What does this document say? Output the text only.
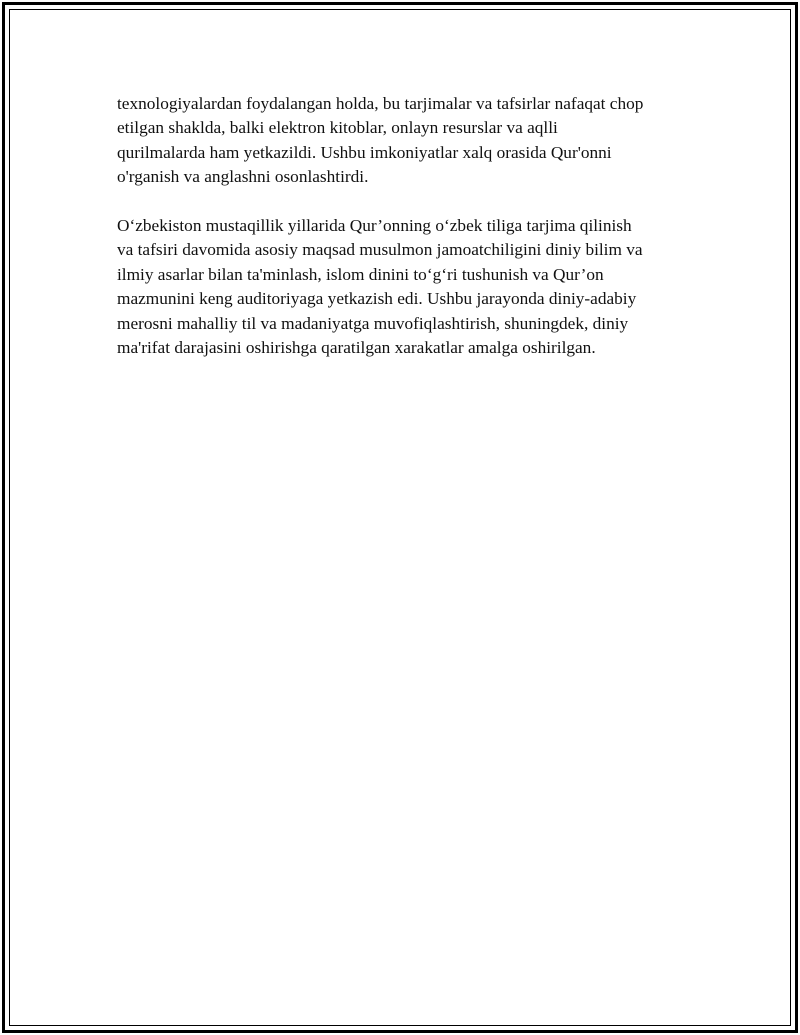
texnologiyalardan foydalangan holda, bu tarjimalar va tafsirlar nafaqat chop
etilgan shaklda, balki elektron kitoblar, onlayn resurslar va aqlli
qurilmalarda ham yetkazildi. Ushbu imkoniyatlar xalq orasida Qur'onni
o'rganish va anglashni osonlashtirdi.

O‘zbekiston mustaqillik yillarida Qur’onning o‘zbek tiliga tarjima qilinish
va tafsiri davomida asosiy maqsad musulmon jamoatchiligini diniy bilim va
ilmiy asarlar bilan ta'minlash, islom dinini to‘g‘ri tushunish va Qur’on
mazmunini keng auditoriyaga yetkazish edi. Ushbu jarayonda diniy-adabiy
merosni mahalliy til va madaniyatga muvofiqlashtirish, shuningdek, diniy
ma'rifat darajasini oshirishga qaratilgan xarakatlar amalga oshirilgan.
